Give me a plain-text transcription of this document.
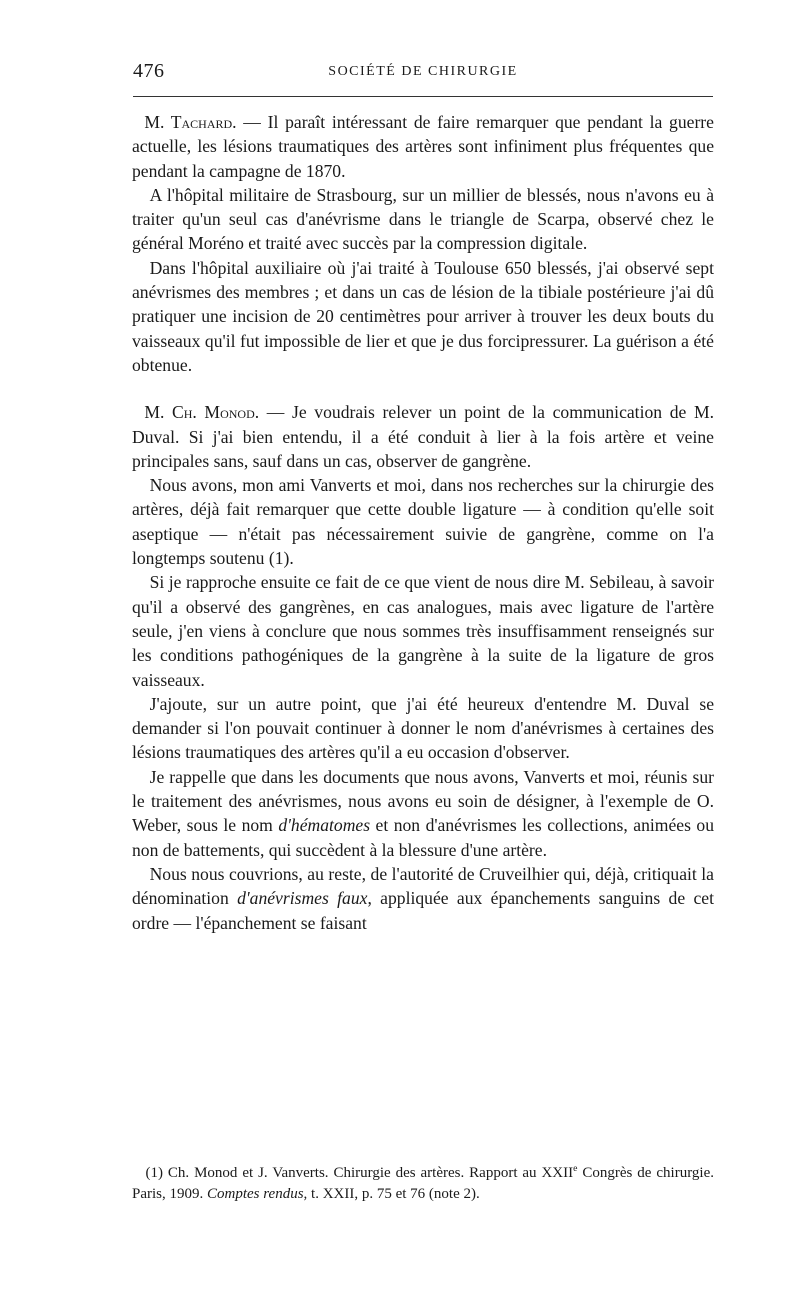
476	SOCIÉTÉ DE CHIRURGIE

M. Tachard. — Il paraît intéressant de faire remarquer que pendant la guerre actuelle, les lésions traumatiques des artères sont infiniment plus fréquentes que pendant la campagne de 1870.

A l'hôpital militaire de Strasbourg, sur un millier de blessés, nous n'avons eu à traiter qu'un seul cas d'anévrisme dans le triangle de Scarpa, observé chez le général Moréno et traité avec succès par la compression digitale.

Dans l'hôpital auxiliaire où j'ai traité à Toulouse 650 blessés, j'ai observé sept anévrismes des membres ; et dans un cas de lésion de la tibiale postérieure j'ai dû pratiquer une incision de 20 centimètres pour arriver à trouver les deux bouts du vaisseaux qu'il fut impossible de lier et que je dus forcipressurer. La guérison a été obtenue.

M. Ch. Monod. — Je voudrais relever un point de la communication de M. Duval. Si j'ai bien entendu, il a été conduit à lier à la fois artère et veine principales sans, sauf dans un cas, observer de gangrène.

Nous avons, mon ami Vanverts et moi, dans nos recherches sur la chirurgie des artères, déjà fait remarquer que cette double ligature — à condition qu'elle soit aseptique — n'était pas nécessairement suivie de gangrène, comme on l'a longtemps soutenu (1).

Si je rapproche ensuite ce fait de ce que vient de nous dire M. Sebileau, à savoir qu'il a observé des gangrènes, en cas analogues, mais avec ligature de l'artère seule, j'en viens à conclure que nous sommes très insuffisamment renseignés sur les conditions pathogéniques de la gangrène à la suite de la ligature de gros vaisseaux.

J'ajoute, sur un autre point, que j'ai été heureux d'entendre M. Duval se demander si l'on pouvait continuer à donner le nom d'anévrismes à certaines des lésions traumatiques des artères qu'il a eu occasion d'observer.

Je rappelle que dans les documents que nous avons, Vanverts et moi, réunis sur le traitement des anévrismes, nous avons eu soin de désigner, à l'exemple de O. Weber, sous le nom d'hématomes et non d'anévrismes les collections, animées ou non de battements, qui succèdent à la blessure d'une artère.

Nous nous couvrions, au reste, de l'autorité de Cruveilhier qui, déjà, critiquait la dénomination d'anévrismes faux, appliquée aux épanchements sanguins de cet ordre — l'épanchement se faisant

(1) Ch. Monod et J. Vanverts. Chirurgie des artères. Rapport au XXIIe Congrès de chirurgie. Paris, 1909. Comptes rendus, t. XXII, p. 75 et 76 (note 2).
